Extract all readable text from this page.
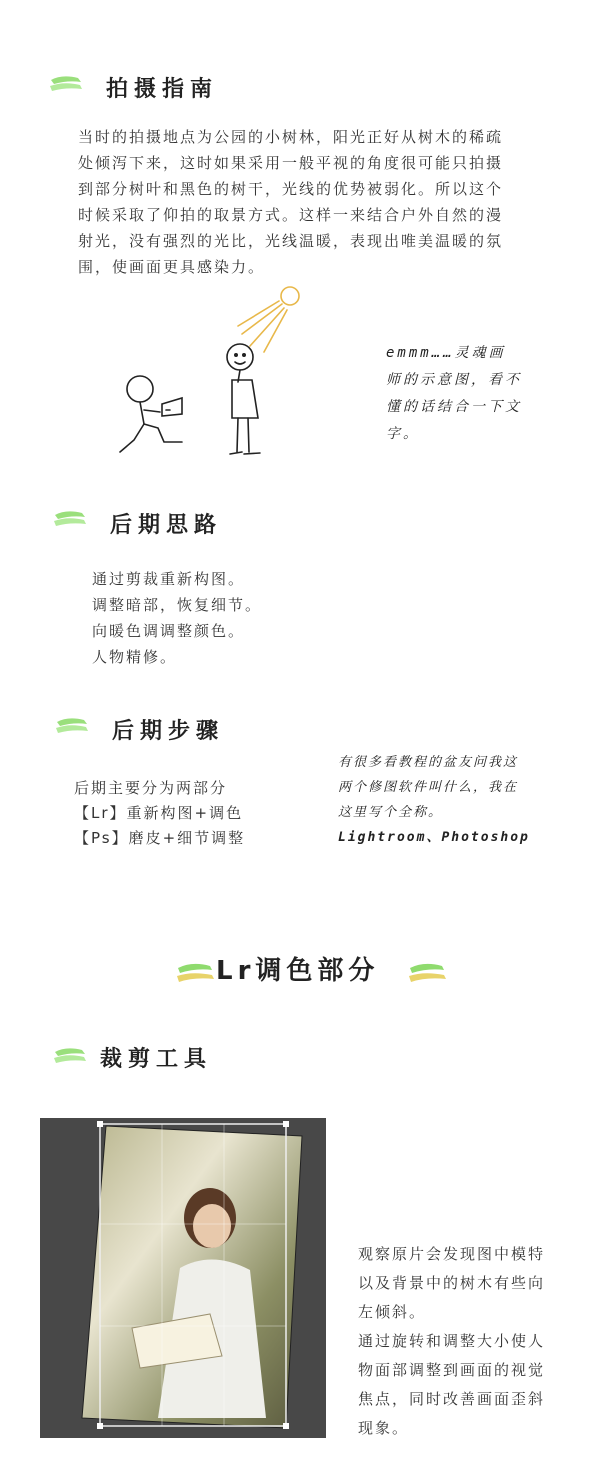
拍摄指南
当时的拍摄地点为公园的小树林，阳光正好从树木的稀疏
处倾泻下来，这时如果采用一般平视的角度很可能只拍摄
到部分树叶和黑色的树干，光线的优势被弱化。所以这个
时候采取了仰拍的取景方式。这样一来结合户外自然的漫
射光，没有强烈的光比，光线温暖，表现出唯美温暖的氛
围，使画面更具感染力。
emmm……灵魂画
师的示意图，看不
懂的话结合一下文
字。
后期思路
通过剪裁重新构图。
调整暗部，恢复细节。
向暖色调调整颜色。
人物精修。
后期步骤
后期主要分为两部分
【Lr】重新构图+调色
【Ps】磨皮+细节调整
有很多看教程的盆友问我这
两个修图软件叫什么，我在
这里写个全称。
Lightroom、Photoshop
Lr调色部分
裁剪工具
观察原片会发现图中模特
以及背景中的树木有些向
左倾斜。
通过旋转和调整大小使人
物面部调整到画面的视觉
焦点，同时改善画面歪斜
现象。
